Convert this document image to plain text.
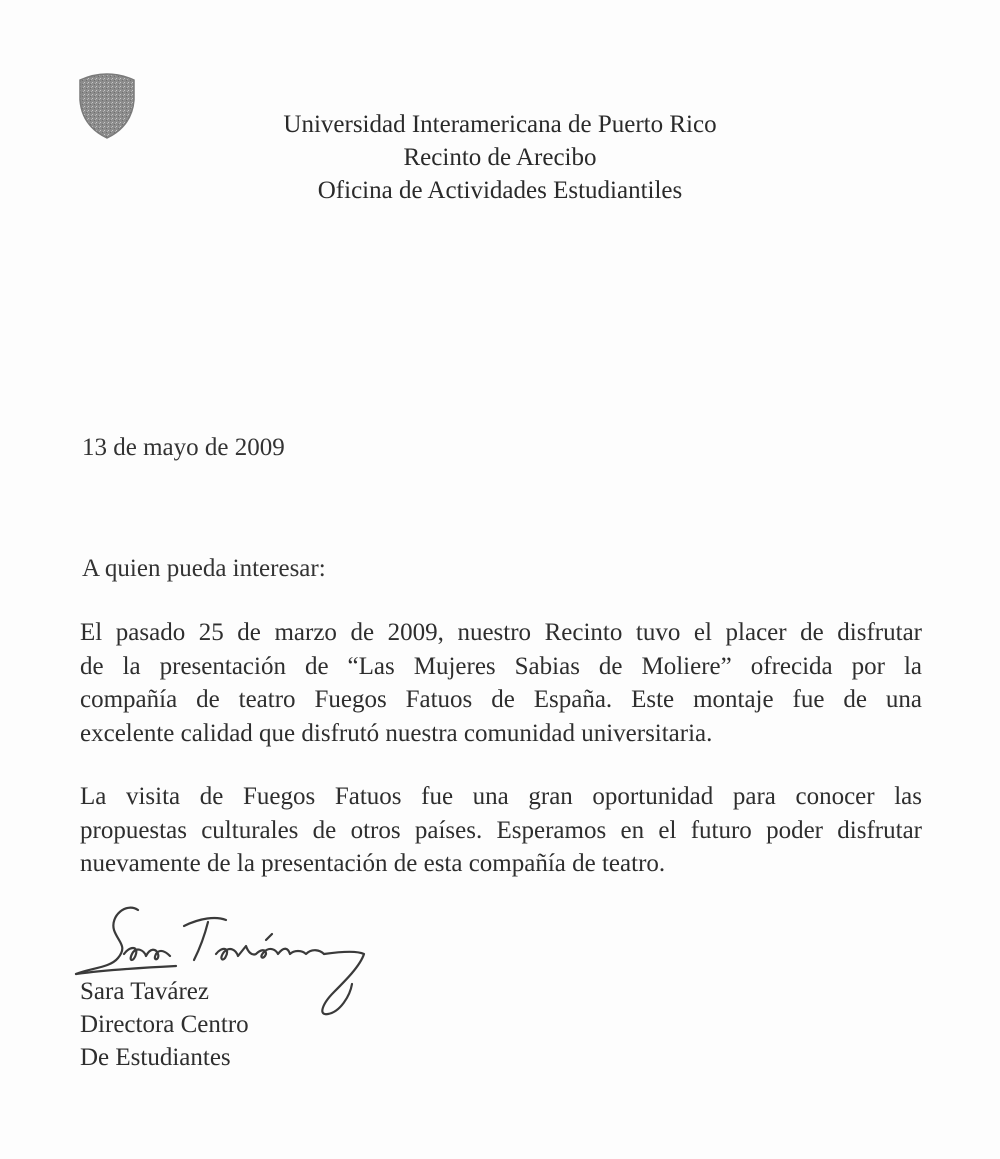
Universidad Interamericana de Puerto Rico
Recinto de Arecibo
Oficina de Actividades Estudiantiles
13 de mayo de 2009
A quien pueda interesar:
El pasado 25 de marzo de 2009, nuestro Recinto tuvo el placer de disfrutar
de la presentación de “Las Mujeres Sabias de Moliere” ofrecida por la
compañía de teatro Fuegos Fatuos de España. Este montaje fue de una
excelente calidad que disfrutó nuestra comunidad universitaria.
La visita de Fuegos Fatuos fue una gran oportunidad para conocer las
propuestas culturales de otros países. Esperamos en el futuro poder disfrutar
nuevamente de la presentación de esta compañía de teatro.
Sara Tavárez
Directora Centro
De Estudiantes
